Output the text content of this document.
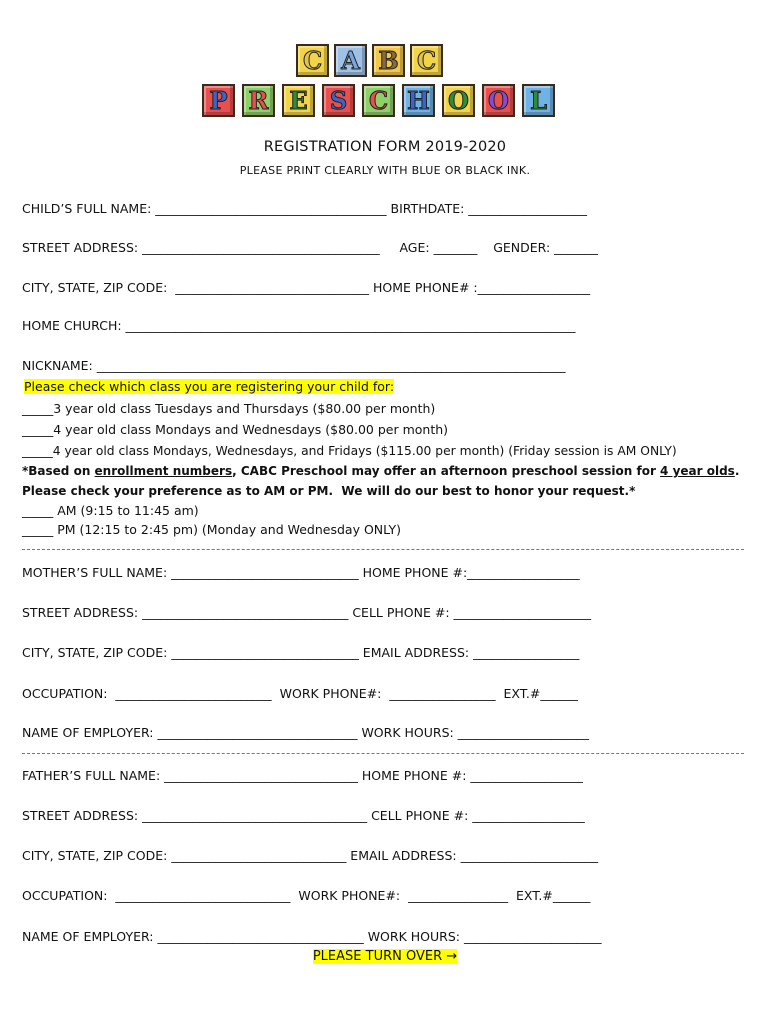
C A B C
P R E S C H O O L
REGISTRATION FORM 2019-2020
PLEASE PRINT CLEARLY WITH BLUE OR BLACK INK.
CHILD’S FULL NAME: _____________________________________ BIRTHDATE: ___________________
STREET ADDRESS: ______________________________________     AGE: _______    GENDER: _______
CITY, STATE, ZIP CODE:  _______________________________ HOME PHONE# :__________________
HOME CHURCH: ________________________________________________________________________
NICKNAME: ___________________________________________________________________________
Please check which class you are registering your child for:
_____3 year old class Tuesdays and Thursdays ($80.00 per month)
_____4 year old class Mondays and Wednesdays ($80.00 per month)
_____4 year old class Mondays, Wednesdays, and Fridays ($115.00 per month) (Friday session is AM ONLY)
*Based on enrollment numbers, CABC Preschool may offer an afternoon preschool session for 4 year olds.
Please check your preference as to AM or PM.  We will do our best to honor your request.*
_____ AM (9:15 to 11:45 am)
_____ PM (12:15 to 2:45 pm) (Monday and Wednesday ONLY)
MOTHER’S FULL NAME: ______________________________ HOME PHONE #:__________________
STREET ADDRESS: _________________________________ CELL PHONE #: ______________________
CITY, STATE, ZIP CODE: ______________________________ EMAIL ADDRESS: _________________
OCCUPATION:  _________________________  WORK PHONE#:  _________________  EXT.#______
NAME OF EMPLOYER: ________________________________ WORK HOURS: _____________________
FATHER’S FULL NAME: _______________________________ HOME PHONE #: __________________
STREET ADDRESS: ____________________________________ CELL PHONE #: __________________
CITY, STATE, ZIP CODE: ____________________________ EMAIL ADDRESS: ______________________
OCCUPATION:  ____________________________  WORK PHONE#:  ________________  EXT.#______
NAME OF EMPLOYER: _________________________________ WORK HOURS: ______________________
PLEASE TURN OVER →
